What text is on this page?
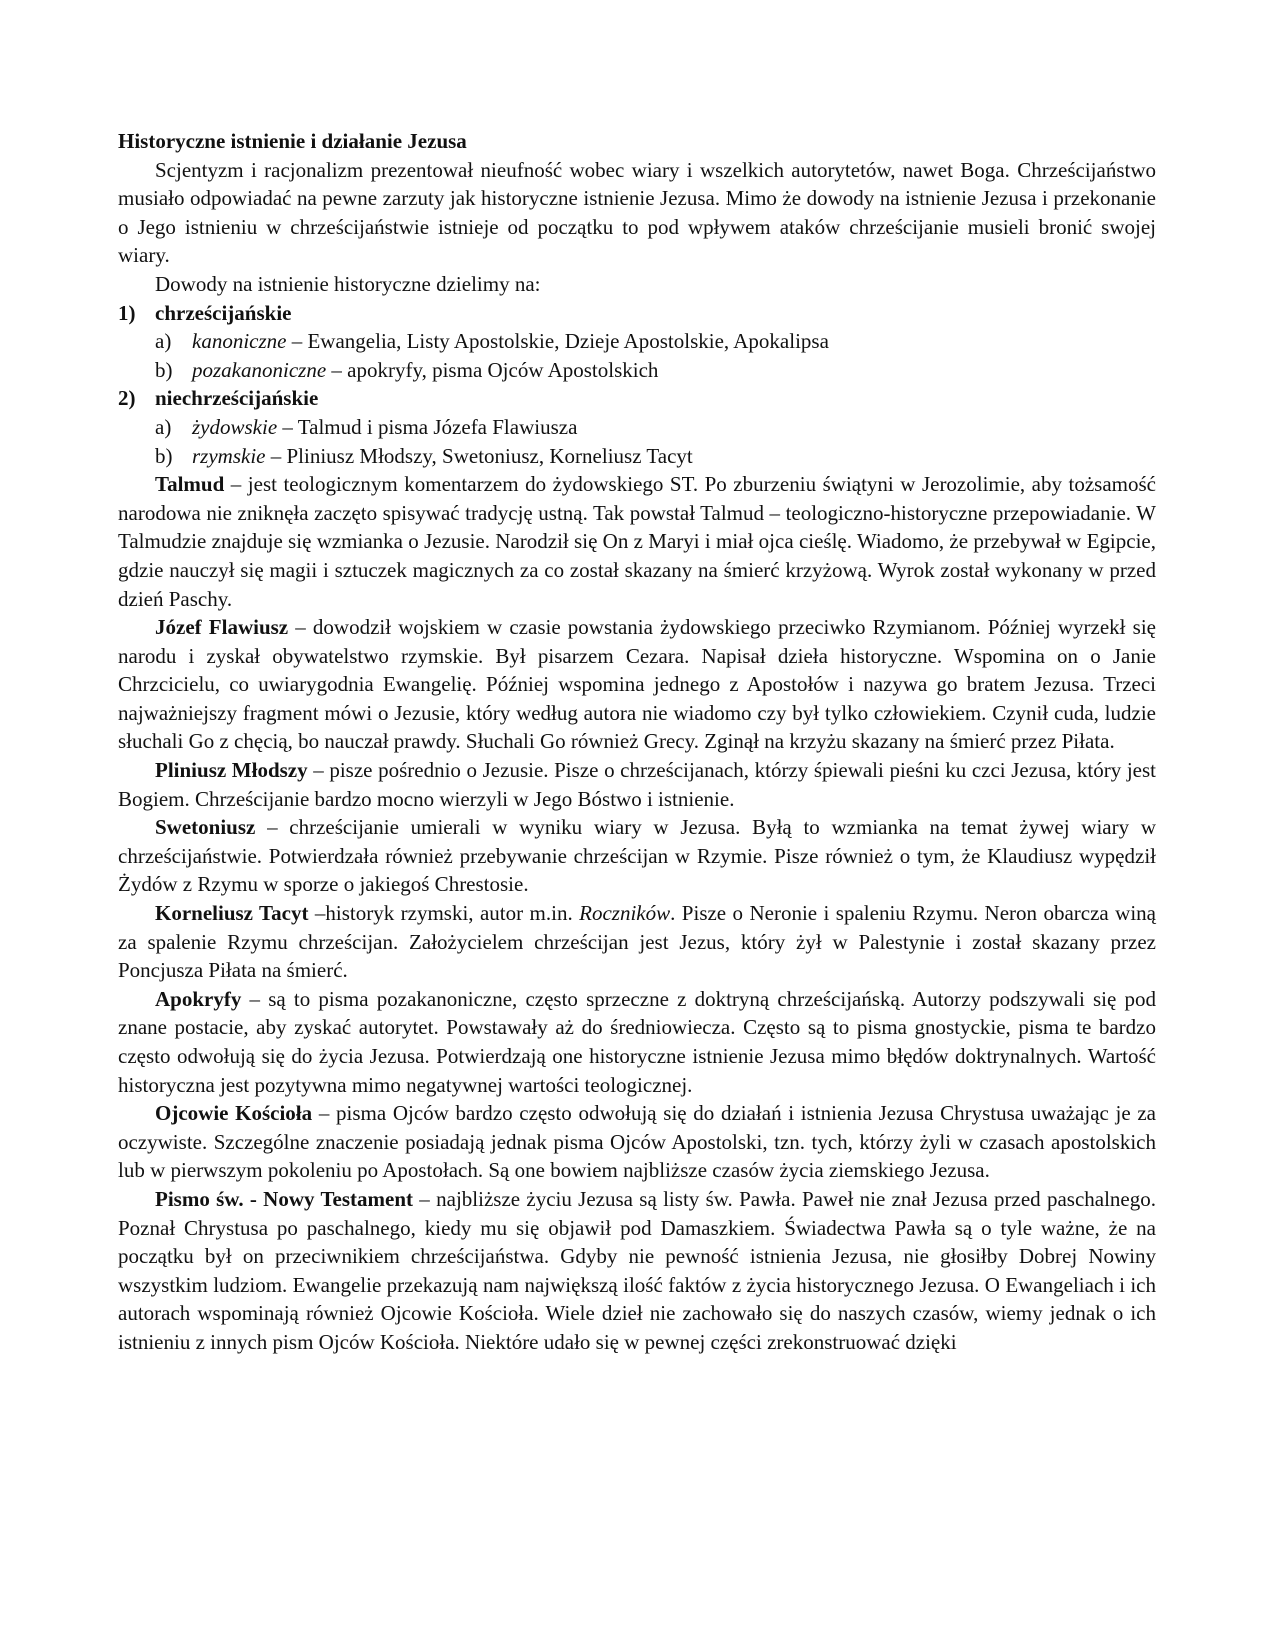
Historyczne istnienie i działanie Jezusa

Scjentyzm i racjonalizm prezentował nieufność wobec wiary i wszelkich autorytetów, nawet Boga. Chrześcijaństwo musiało odpowiadać na pewne zarzuty jak historyczne istnienie Jezusa. Mimo że dowody na istnienie Jezusa i przekonanie o Jego istnieniu w chrześcijaństwie istnieje od początku to pod wpływem ataków chrześcijanie musieli bronić swojej wiary.

Dowody na istnienie historyczne dzielimy na:

1) chrześcijańskie
a) kanoniczne – Ewangelia, Listy Apostolskie, Dzieje Apostolskie, Apokalipsa
b) pozakanoniczne – apokryfy, pisma Ojców Apostolskich
2) niechrześcijańskie
a) żydowskie – Talmud i pisma Józefa Flawiusza
b) rzymskie – Pliniusz Młodszy, Swetoniusz, Korneliusz Tacyt

Talmud – jest teologicznym komentarzem do żydowskiego ST. Po zburzeniu świątyni w Jerozolimie, aby tożsamość narodowa nie zniknęła zaczęto spisywać tradycję ustną. Tak powstał Talmud – teologiczno-historyczne przepowiadanie. W Talmudzie znajduje się wzmianka o Jezusie. Narodził się On z Maryi i miał ojca cieślę. Wiadomo, że przebywał w Egipcie, gdzie nauczył się magii i sztuczek magicznych za co został skazany na śmierć krzyżową. Wyrok został wykonany w przed dzień Paschy.

Józef Flawiusz – dowodził wojskiem w czasie powstania żydowskiego przeciwko Rzymianom. Później wyrzekł się narodu i zyskał obywatelstwo rzymskie. Był pisarzem Cezara. Napisał dzieła historyczne. Wspomina on o Janie Chrzcicielu, co uwiarygodnia Ewangelię. Później wspomina jednego z Apostołów i nazywa go bratem Jezusa. Trzeci najważniejszy fragment mówi o Jezusie, który według autora nie wiadomo czy był tylko człowiekiem. Czynił cuda, ludzie słuchali Go z chęcią, bo nauczał prawdy. Słuchali Go również Grecy. Zginął na krzyżu skazany na śmierć przez Piłata.

Pliniusz Młodszy – pisze pośrednio o Jezusie. Pisze o chrześcijanach, którzy śpiewali pieśni ku czci Jezusa, który jest Bogiem. Chrześcijanie bardzo mocno wierzyli w Jego Bóstwo i istnienie.

Swetoniusz – chrześcijanie umierali w wyniku wiary w Jezusa. Byłą to wzmianka na temat żywej wiary w chrześcijaństwie. Potwierdzała również przebywanie chrześcijan w Rzymie. Pisze również o tym, że Klaudiusz wypędził Żydów z Rzymu w sporze o jakiegoś Chrestosie.

Korneliusz Tacyt –historyk rzymski, autor m.in. Roczników. Pisze o Neronie i spaleniu Rzymu. Neron obarcza winą za spalenie Rzymu chrześcijan. Założycielem chrześcijan jest Jezus, który żył w Palestynie i został skazany przez Poncjusza Piłata na śmierć.

Apokryfy – są to pisma pozakanoniczne, często sprzeczne z doktryną chrześcijańską. Autorzy podszywali się pod znane postacie, aby zyskać autorytet. Powstawały aż do średniowiecza. Często są to pisma gnostyckie, pisma te bardzo często odwołują się do życia Jezusa. Potwierdzają one historyczne istnienie Jezusa mimo błędów doktrynalnych. Wartość historyczna jest pozytywna mimo negatywnej wartości teologicznej.

Ojcowie Kościoła – pisma Ojców bardzo często odwołują się do działań i istnienia Jezusa Chrystusa uważając je za oczywiste. Szczególne znaczenie posiadają jednak pisma Ojców Apostolski, tzn. tych, którzy żyli w czasach apostolskich lub w pierwszym pokoleniu po Apostołach. Są one bowiem najbliższe czasów życia ziemskiego Jezusa.

Pismo św. - Nowy Testament – najbliższe życiu Jezusa są listy św. Pawła. Paweł nie znał Jezusa przed paschalnego. Poznał Chrystusa po paschalnego, kiedy mu się objawił pod Damaszkiem. Świadectwa Pawła są o tyle ważne, że na początku był on przeciwnikiem chrześcijaństwa. Gdyby nie pewność istnienia Jezusa, nie głosiłby Dobrej Nowiny wszystkim ludziom. Ewangelie przekazują nam największą ilość faktów z życia historycznego Jezusa. O Ewangeliach i ich autorach wspominają również Ojcowie Kościoła. Wiele dzieł nie zachowało się do naszych czasów, wiemy jednak o ich istnieniu z innych pism Ojców Kościoła. Niektóre udało się w pewnej części zrekonstruować dzięki
